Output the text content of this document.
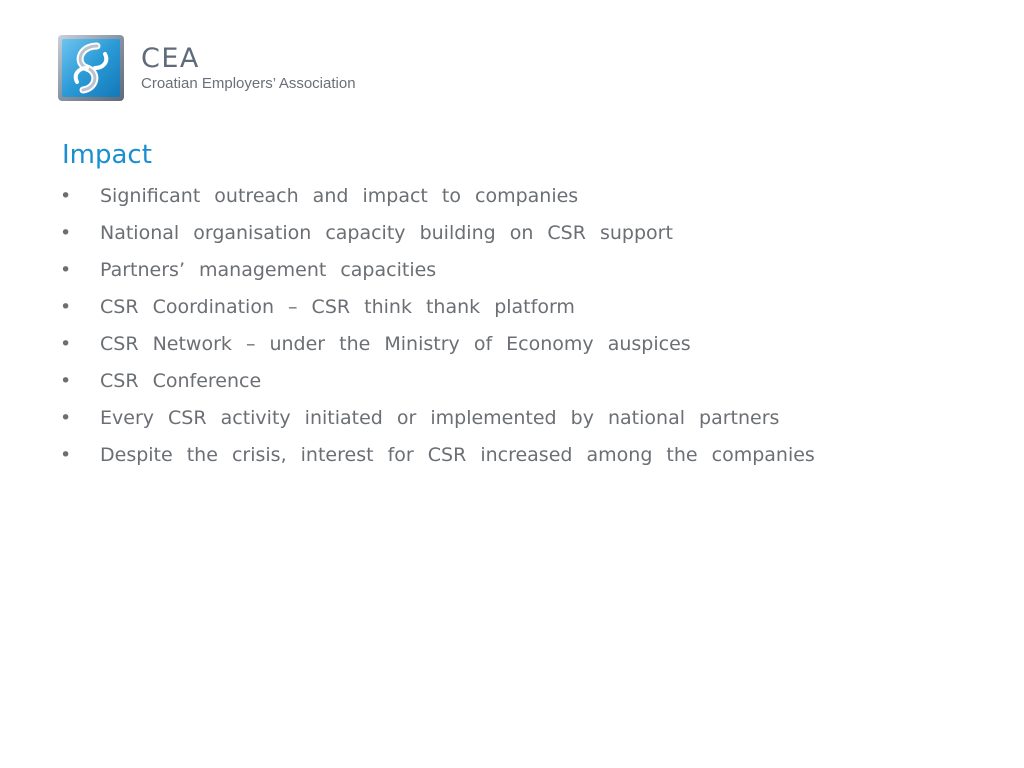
CEA
Croatian Employers’ Association
Impact
•	Significant outreach and impact to companies
•	National organisation capacity building on CSR support
•	Partners’ management capacities
•	CSR Coordination – CSR think thank platform
•	CSR Network – under the Ministry of Economy auspices
•	CSR Conference
•	Every CSR activity initiated or implemented by national partners
•	Despite the crisis, interest for CSR increased among the companies
